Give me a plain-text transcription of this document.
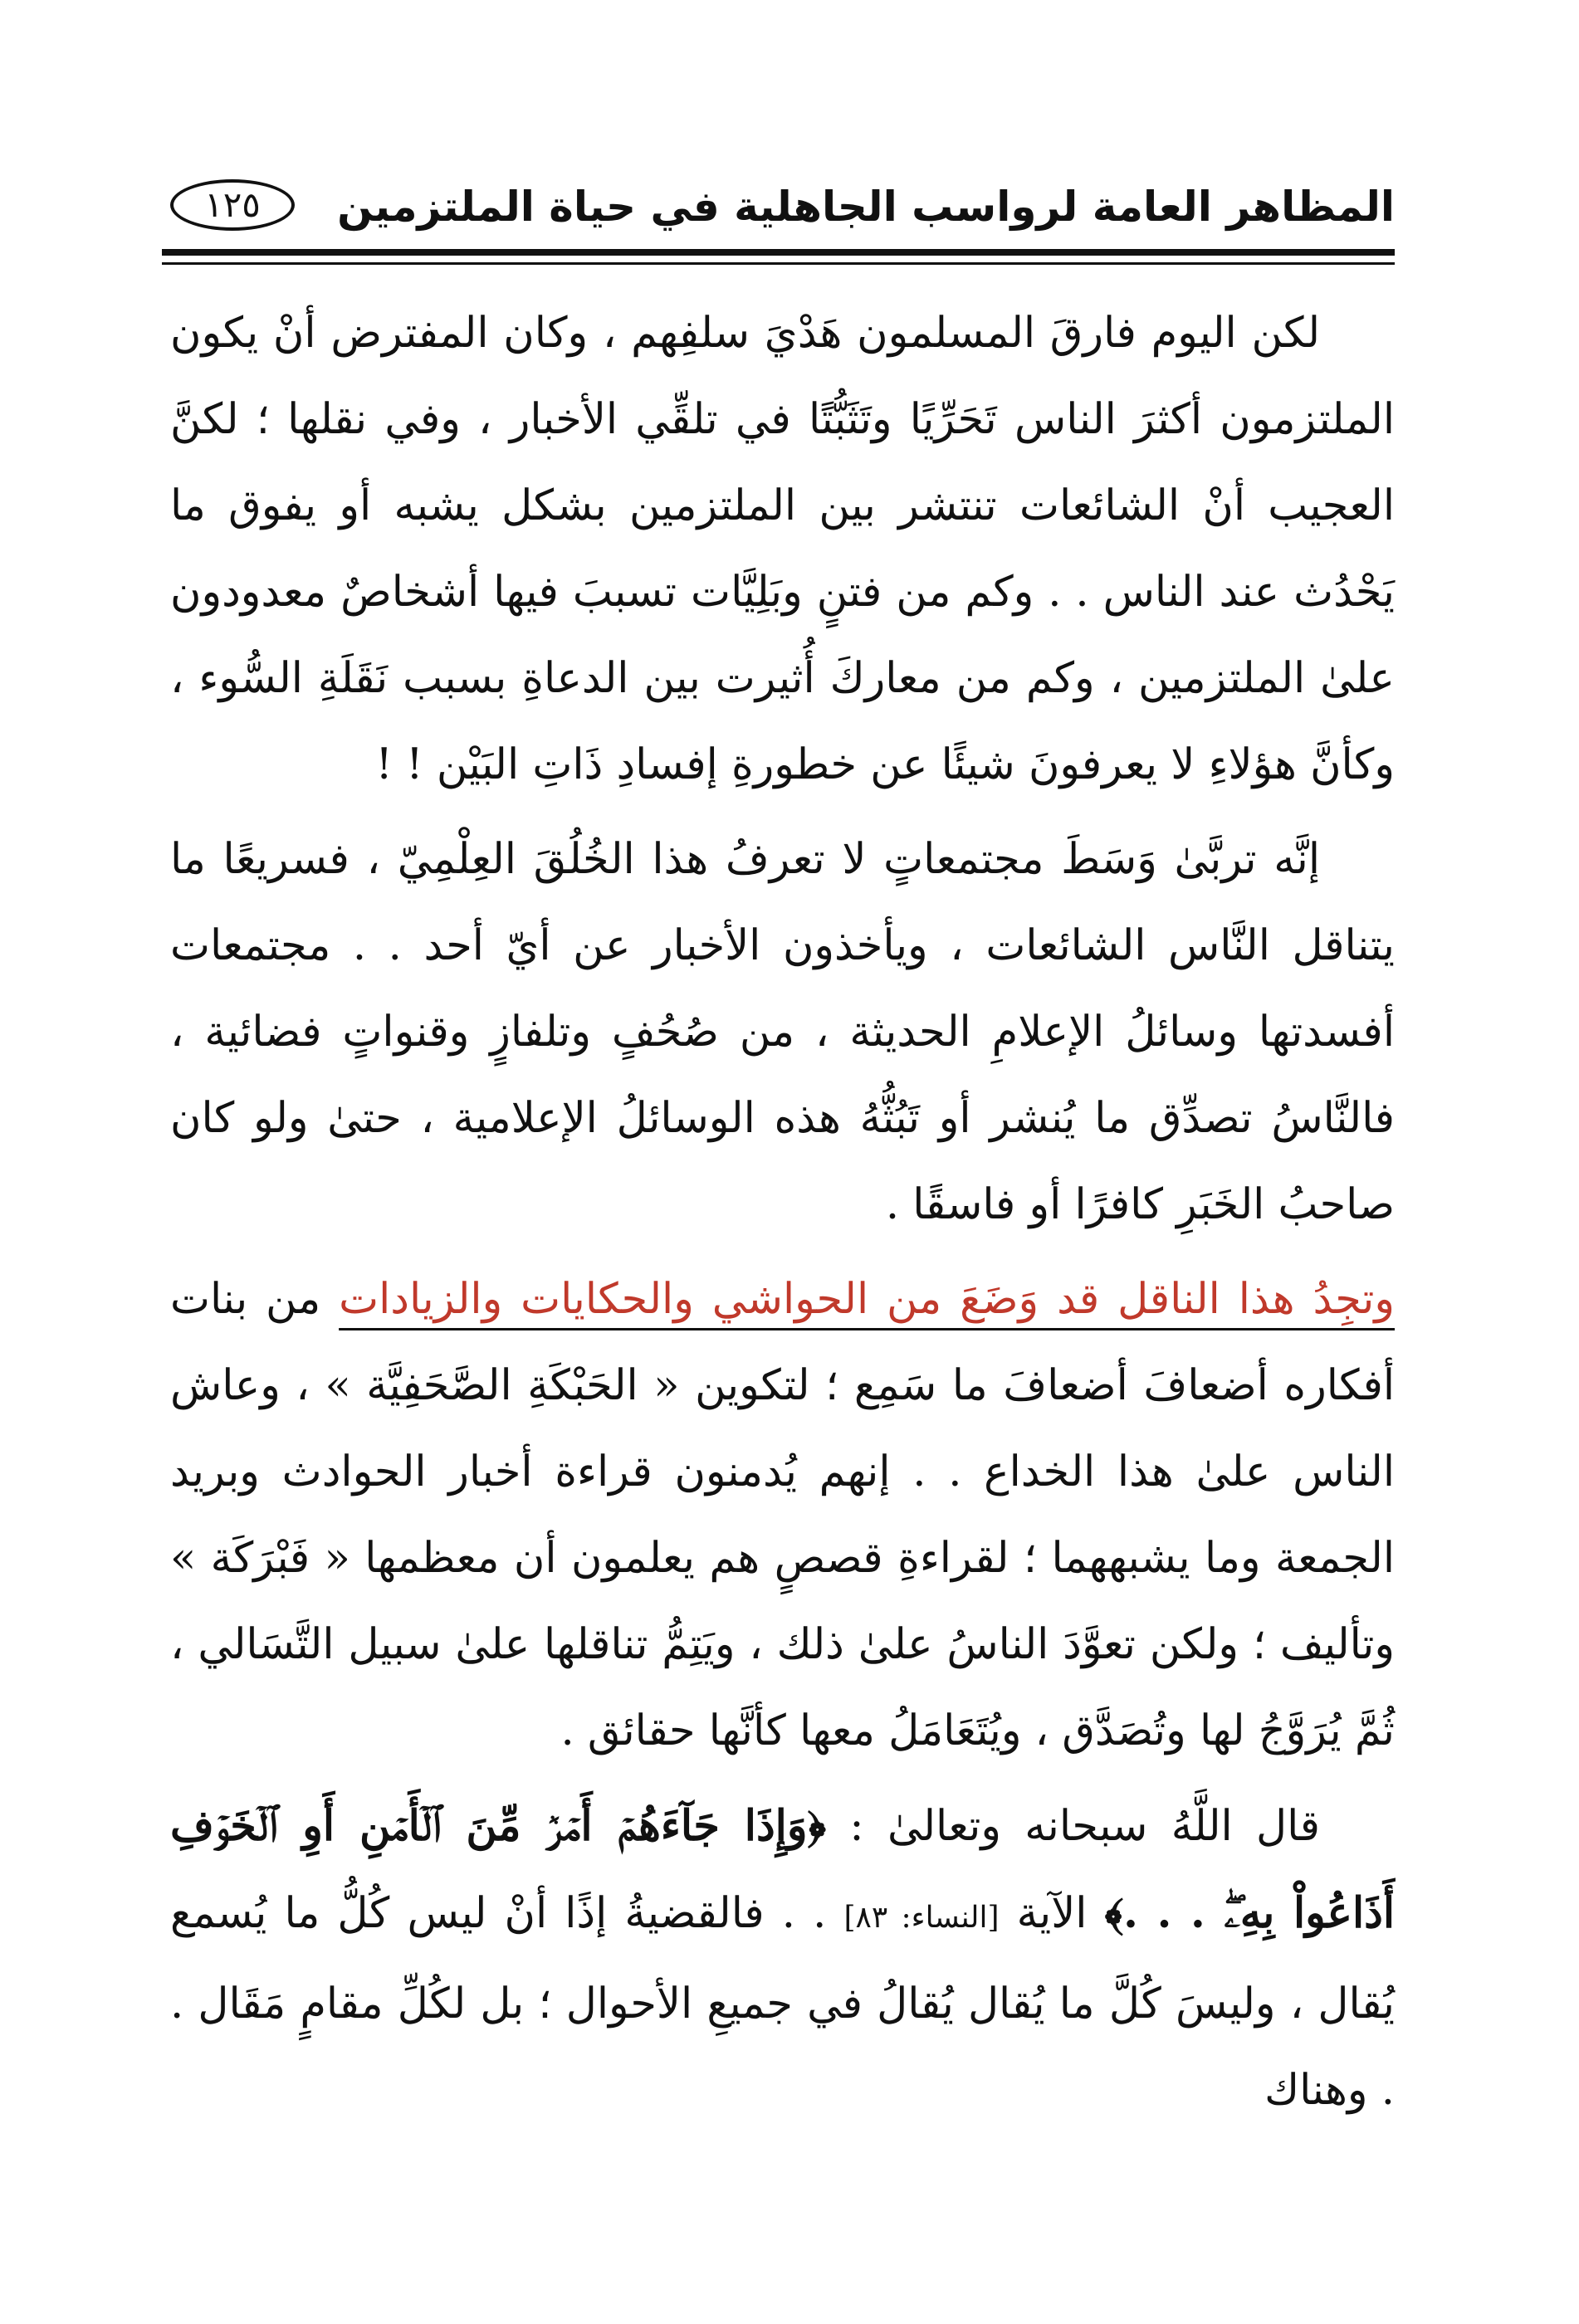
المظاهر العامة لرواسب الجاهلية في حياة الملتزمين
١٢٥

لكن اليوم فارقَ المسلمون هَدْيَ سلفِهم ، وكان المفترض أنْ يكون الملتزمون أكثرَ الناس تَحَرِّيًا وتَثَبُّتًا في تلقِّي الأخبار ، وفي نقلها ؛ لكنَّ العجيب أنْ الشائعات تنتشر بين الملتزمين بشكل يشبه أو يفوق ما يَحْدُث عند الناس . . وكم من فتنٍ وبَلِيَّات تسببَ فيها أشخاصٌ معدودون علىٰ الملتزمين ، وكم من معاركَ أُثيرت بين الدعاةِ بسبب نَقَلَةِ السُّوء ، وكأنَّ هؤلاءِ لا يعرفونَ شيئًا عن خطورةِ إفسادِ ذَاتِ البَيْن ! !

إنَّه تربَّىٰ وَسَطَ مجتمعاتٍ لا تعرفُ هذا الخُلُقَ العِلْمِيّ ، فسريعًا ما يتناقل النَّاس الشائعات ، ويأخذون الأخبار عن أيّ أحد . . مجتمعات أفسدتها وسائلُ الإعلامِ الحديثة ، من صُحُفٍ وتلفازٍ وقنواتٍ فضائية ، فالنَّاسُ تصدِّق ما يُنشر أو تَبُثُّهُ هذه الوسائلُ الإعلامية ، حتىٰ ولو كان صاحبُ الخَبَرِ كافرًا أو فاسقًا .

وتجِدُ هذا الناقل قد وَضَعَ من الحواشي والحكايات والزيادات من بنات أفكاره أضعافَ أضعافَ ما سَمِع ؛ لتكوين « الحَبْكَةِ الصَّحَفِيَّة » ، وعاش الناس علىٰ هذا الخداع . . إنهم يُدمنون قراءة أخبار الحوادث وبريد الجمعة وما يشبههما ؛ لقراءةِ قصصٍ هم يعلمون أن معظمها « فَبْرَكَة » وتأليف ؛ ولكن تعوَّدَ الناسُ علىٰ ذلك ، ويَتِمُّ تناقلها علىٰ سبيل التَّسَالي ، ثُمَّ يُرَوَّجُ لها وتُصَدَّق ، ويُتَعَامَلُ معها كأنَّها حقائق .

قال اللَّهُ سبحانه وتعالىٰ : ﴿وَإِذَا جَآءَهُمۡ أَمۡرٞ مِّنَ ٱلۡأَمۡنِ أَوِ ٱلۡخَوۡفِ أَذَاعُواْ بِهِۦۖ . . .﴾ الآية [النساء: ٨٣] . . فالقضيةُ إذًا أنْ ليس كُلُّ ما يُسمع يُقال ، وليسَ كُلَّ ما يُقال يُقالُ في جميعِ الأحوال ؛ بل لكُلِّ مقامٍ مَقَال . . وهناك
